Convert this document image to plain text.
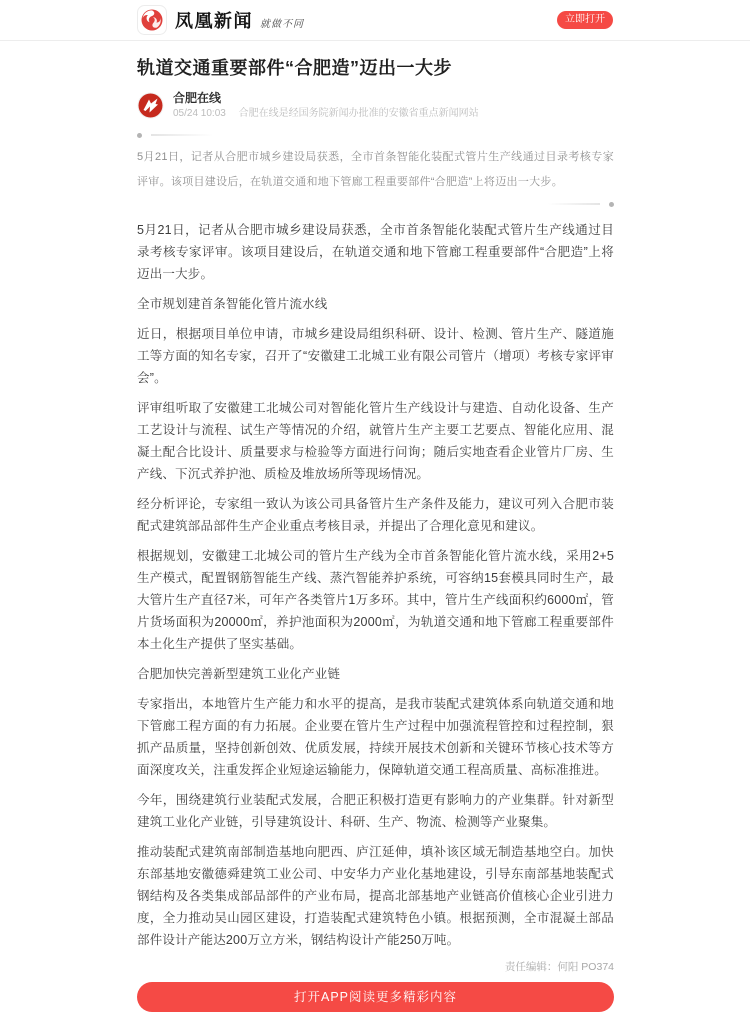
凤凰新闻 就做不同	立即打开
轨道交通重要部件“合肥造”迈出一大步
合肥在线
05/24 10:03 合肥在线是经国务院新闻办批准的安徽省重点新闻网站
5月21日，记者从合肥市城乡建设局获悉，全市首条智能化装配式管片生产线通过目录考核专家评审。该项目建设后，在轨道交通和地下管廊工程重要部件“合肥造”上将迈出一大步。

5月21日，记者从合肥市城乡建设局获悉，全市首条智能化装配式管片生产线通过目录考核专家评审。该项目建设后，在轨道交通和地下管廊工程重要部件“合肥造”上将迈出一大步。

全市规划建首条智能化管片流水线

近日，根据项目单位申请，市城乡建设局组织科研、设计、检测、管片生产、隧道施工等方面的知名专家，召开了“安徽建工北城工业有限公司管片（增项）考核专家评审会”。

评审组听取了安徽建工北城公司对智能化管片生产线设计与建造、自动化设备、生产工艺设计与流程、试生产等情况的介绍，就管片生产主要工艺要点、智能化应用、混凝土配合比设计、质量要求与检验等方面进行问询；随后实地查看企业管片厂房、生产线、下沉式养护池、质检及堆放场所等现场情况。

经分析评论，专家组一致认为该公司具备管片生产条件及能力，建议可列入合肥市装配式建筑部品部件生产企业重点考核目录，并提出了合理化意见和建议。

根据规划，安徽建工北城公司的管片生产线为全市首条智能化管片流水线，采用2+5生产模式，配置钢筋智能生产线、蒸汽智能养护系统，可容纳15套模具同时生产，最大管片生产直径7米，可年产各类管片1万多环。其中，管片生产线面积约6000㎡，管片货场面积为20000㎡，养护池面积为2000㎡，为轨道交通和地下管廊工程重要部件本土化生产提供了坚实基础。

合肥加快完善新型建筑工业化产业链

专家指出，本地管片生产能力和水平的提高，是我市装配式建筑体系向轨道交通和地下管廊工程方面的有力拓展。企业要在管片生产过程中加强流程管控和过程控制，狠抓产品质量，坚持创新创效、优质发展，持续开展技术创新和关键环节核心技术等方面深度攻关，注重发挥企业短途运输能力，保障轨道交通工程高质量、高标准推进。

今年，围绕建筑行业装配式发展，合肥正积极打造更有影响力的产业集群。针对新型建筑工业化产业链，引导建筑设计、科研、生产、物流、检测等产业聚集。

推动装配式建筑南部制造基地向肥西、庐江延伸，填补该区域无制造基地空白。加快东部基地安徽德舜建筑工业公司、中安华力产业化基地建设，引导东南部基地装配式钢结构及各类集成部品部件的产业布局，提高北部基地产业链高价值核心企业引进力度，全力推动吴山园区建设，打造装配式建筑特色小镇。根据预测，全市混凝土部品部件设计产能达200万立方米，钢结构设计产能250万吨。

责任编辑：何阳 PO374
打开APP阅读更多精彩内容
